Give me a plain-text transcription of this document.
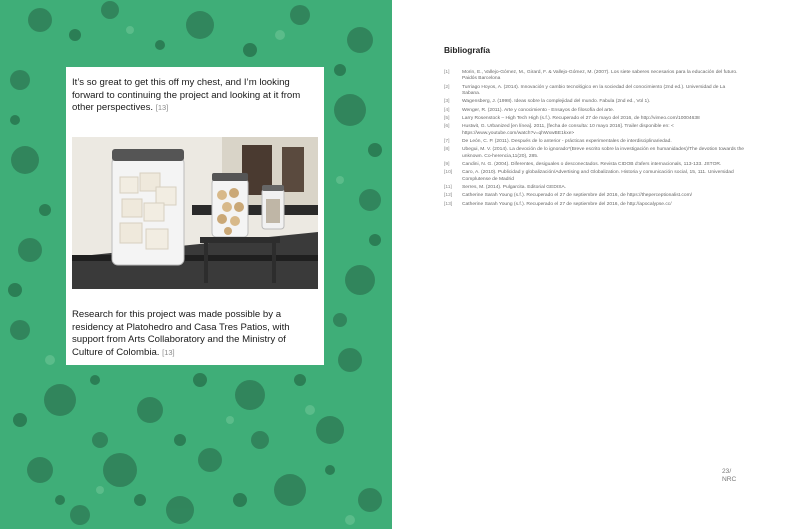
It’s so great to get this off my chest, and I’m looking forward to continuing the project and looking at it from other perspectives. [13]
Research for this project was made possible by a residency at Platohedro and Casa Tres Patios, with support from Arts Collaboratory and the Ministry of Culture of Colombia. [13]
Bibliografía
[1]	Morin, E., Vallejo-Gómez, M., Girard, F. & Vallejo-Gómez, M. (2007). Los siete saberes necesarios para la educación del futuro. Paidós Barcelona
[2]	Turriago Hoyos, A. (2014). Innovación y cambio tecnológico en la sociedad del conocimiento (2nd ed.). Universidad de La Sabana.
[3]	Wagensberg, J. (1998). Ideas sobre la complejidad del mundo. Fabula (2nd ed., Vol 1).
[4]	Wenger, R. (2011). Arte y conocimiento - Ensayos de filosofía del arte.
[5]	Larry Rosenstock – High Tech High (s.f.). Recuperado el 27 de mayo del 2016, de http://vimeo.com/10004638
[6]	Hustwit, G. Urbanized [en línea]. 2011, [fecha de consulta: 10 mayo 2016]. Trailer disponible en: < https://www.youtube.com/watch?v=qhWxwBE1kxe>
[7]	De León, C. P. (2011). Después de lo anterior - prácticas experimentales de interdisciplinariedad.
[8]	Ubegui, M. V. (2014). La devoción de lo ignorado*(Breve escrito sobre la investigación en humanidades)/The devotion towards the unknown. Co-herencia,11(20), 285.
[9]	Candini, N. G. (2004). Diferentes, desiguales o desconectados. Revista CIDOB d'afers internacionals, 113-133. JSTOR.
[10]	Caro, A. (2010). Publicidad y globalización/Advertising and Globalization. Historia y comunicación social, 15, 111. Universidad Complutense de Madrid
[11]	Serres, M. (2014). Pulgarcita. Editorial GEDISA.
[12]	Catherine Sarah Young (s.f.). Recuperado el 27 de septiembre del 2016, de https://theperceptionalist.com/
[13]	Catherine Sarah Young (s.f.). Recuperado el 27 de septiembre del 2016, de http://apocalypse.cc/
23/
NRC
